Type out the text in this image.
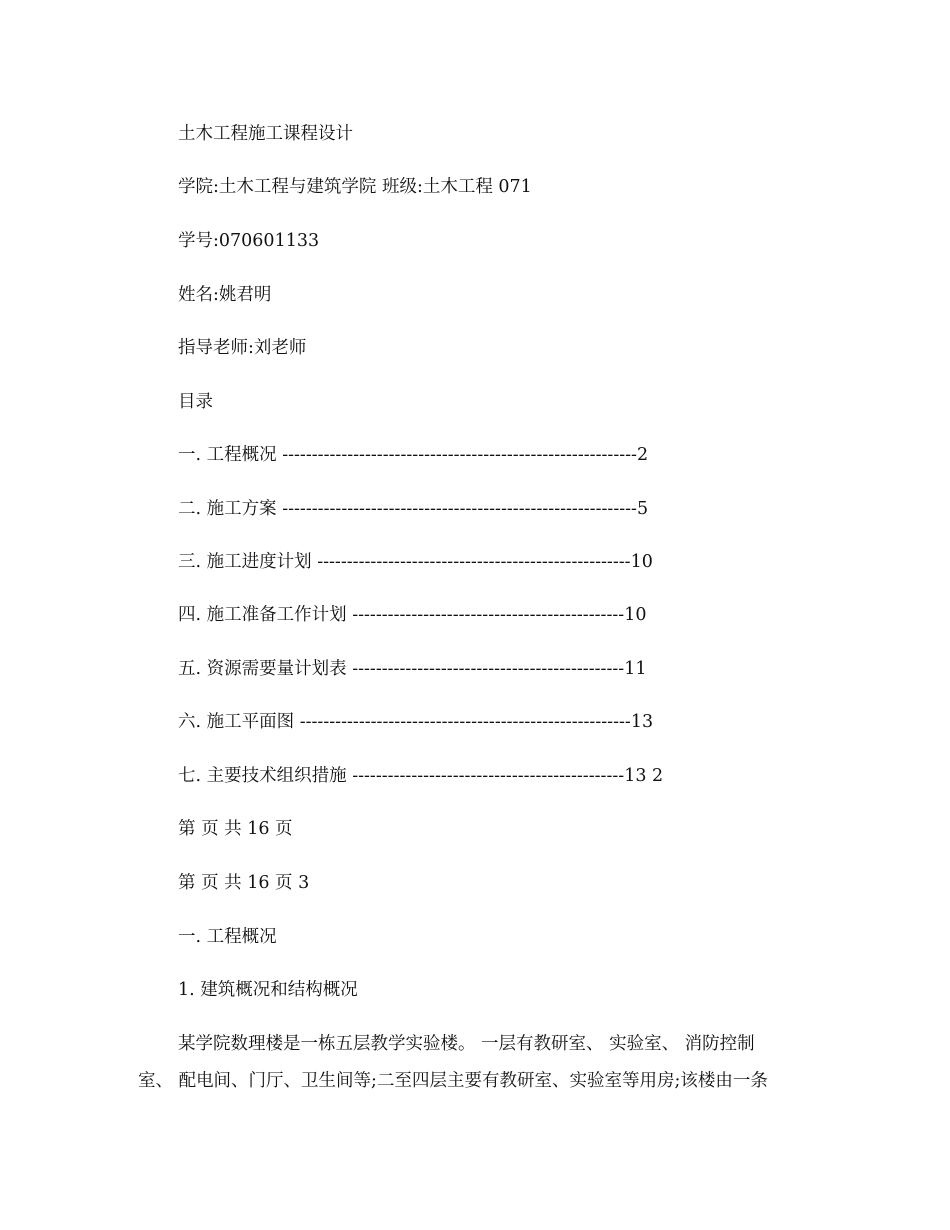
土木工程施工课程设计
学院:土木工程与建筑学院 班级:土木工程 071
学号:070601133
姓名:姚君明
指导老师:刘老师
目录
一. 工程概况 ------------------------------------------------------------2
二. 施工方案 ------------------------------------------------------------5
三. 施工进度计划 -----------------------------------------------------10
四. 施工准备工作计划 ----------------------------------------------10
五. 资源需要量计划表 ----------------------------------------------11
六. 施工平面图 --------------------------------------------------------13
七. 主要技术组织措施 ----------------------------------------------13 2
第 页 共 16 页
第 页 共 16 页 3
一. 工程概况
1. 建筑概况和结构概况
某学院数理楼是一栋五层教学实验楼。 一层有教研室、 实验室、 消防控制
室、 配电间、门厅、卫生间等;二至四层主要有教研室、实验室等用房;该楼由一条
